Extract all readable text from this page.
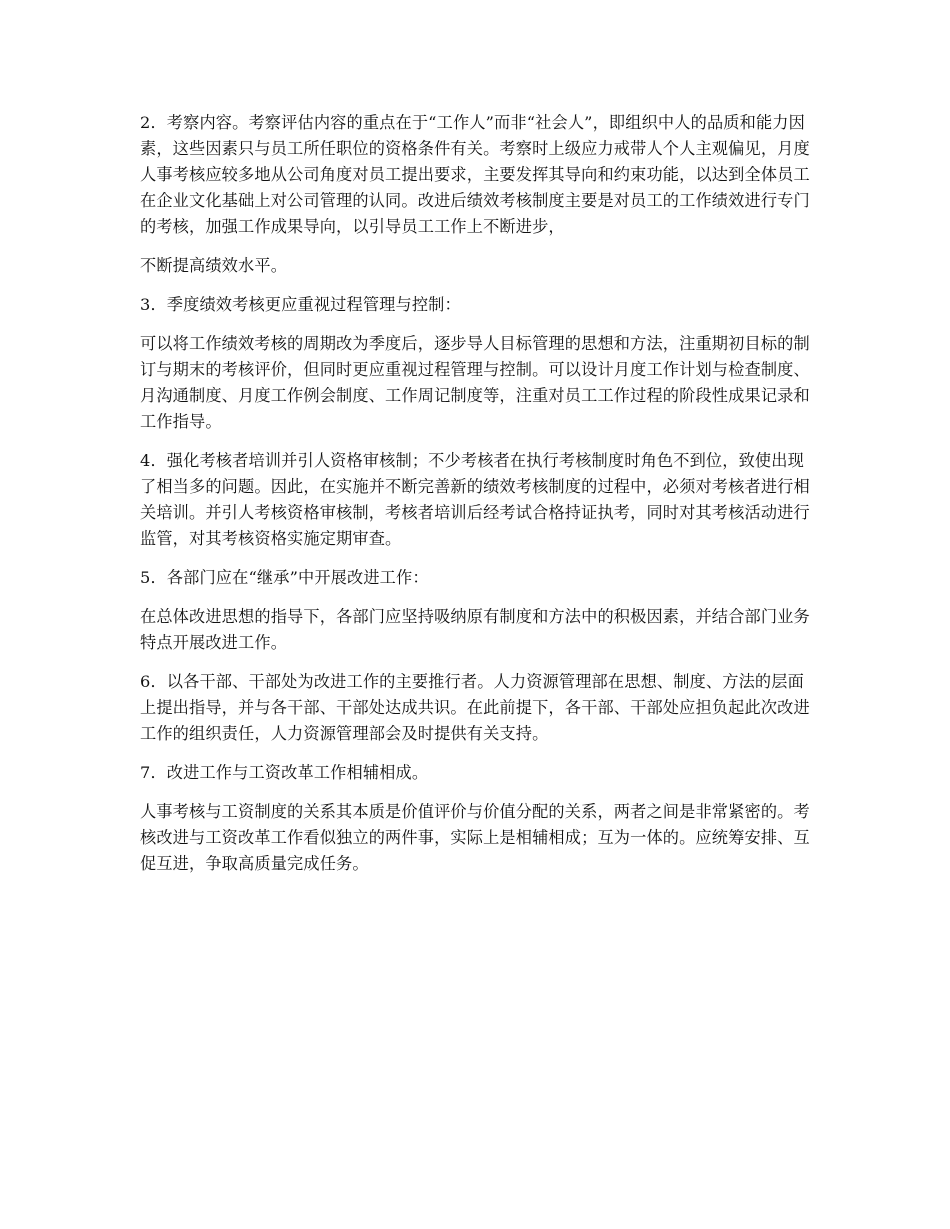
2．考察内容。考察评估内容的重点在于“工作人”而非“社会人”，即组织中人的品质和能力因素，这些因素只与员工所任职位的资格条件有关。考察时上级应力戒带人个人主观偏见，月度人事考核应较多地从公司角度对员工提出要求，主要发挥其导向和约束功能，以达到全体员工在企业文化基础上对公司管理的认同。改进后绩效考核制度主要是对员工的工作绩效进行专门的考核，加强工作成果导向，以引导员工工作上不断进步，

不断提高绩效水平。

3．季度绩效考核更应重视过程管理与控制：

可以将工作绩效考核的周期改为季度后，逐步导人目标管理的思想和方法，注重期初目标的制订与期末的考核评价，但同时更应重视过程管理与控制。可以设计月度工作计划与检查制度、月沟通制度、月度工作例会制度、工作周记制度等，注重对员工工作过程的阶段性成果记录和工作指导。

4．强化考核者培训并引人资格审核制；不少考核者在执行考核制度时角色不到位，致使出现了相当多的问题。因此，在实施并不断完善新的绩效考核制度的过程中，必须对考核者进行相关培训。并引人考核资格审核制，考核者培训后经考试合格持证执考，同时对其考核活动进行监管，对其考核资格实施定期审查。

5．各部门应在“继承”中开展改进工作：

在总体改进思想的指导下，各部门应坚持吸纳原有制度和方法中的积极因素，并结合部门业务特点开展改进工作。

6．以各干部、干部处为改进工作的主要推行者。人力资源管理部在思想、制度、方法的层面上提出指导，并与各干部、干部处达成共识。在此前提下，各干部、干部处应担负起此次改进工作的组织责任，人力资源管理部会及时提供有关支持。

7．改进工作与工资改革工作相辅相成。

人事考核与工资制度的关系其本质是价值评价与价值分配的关系，两者之间是非常紧密的。考核改进与工资改革工作看似独立的两件事，实际上是相辅相成；互为一体的。应统筹安排、互促互进，争取高质量完成任务。
